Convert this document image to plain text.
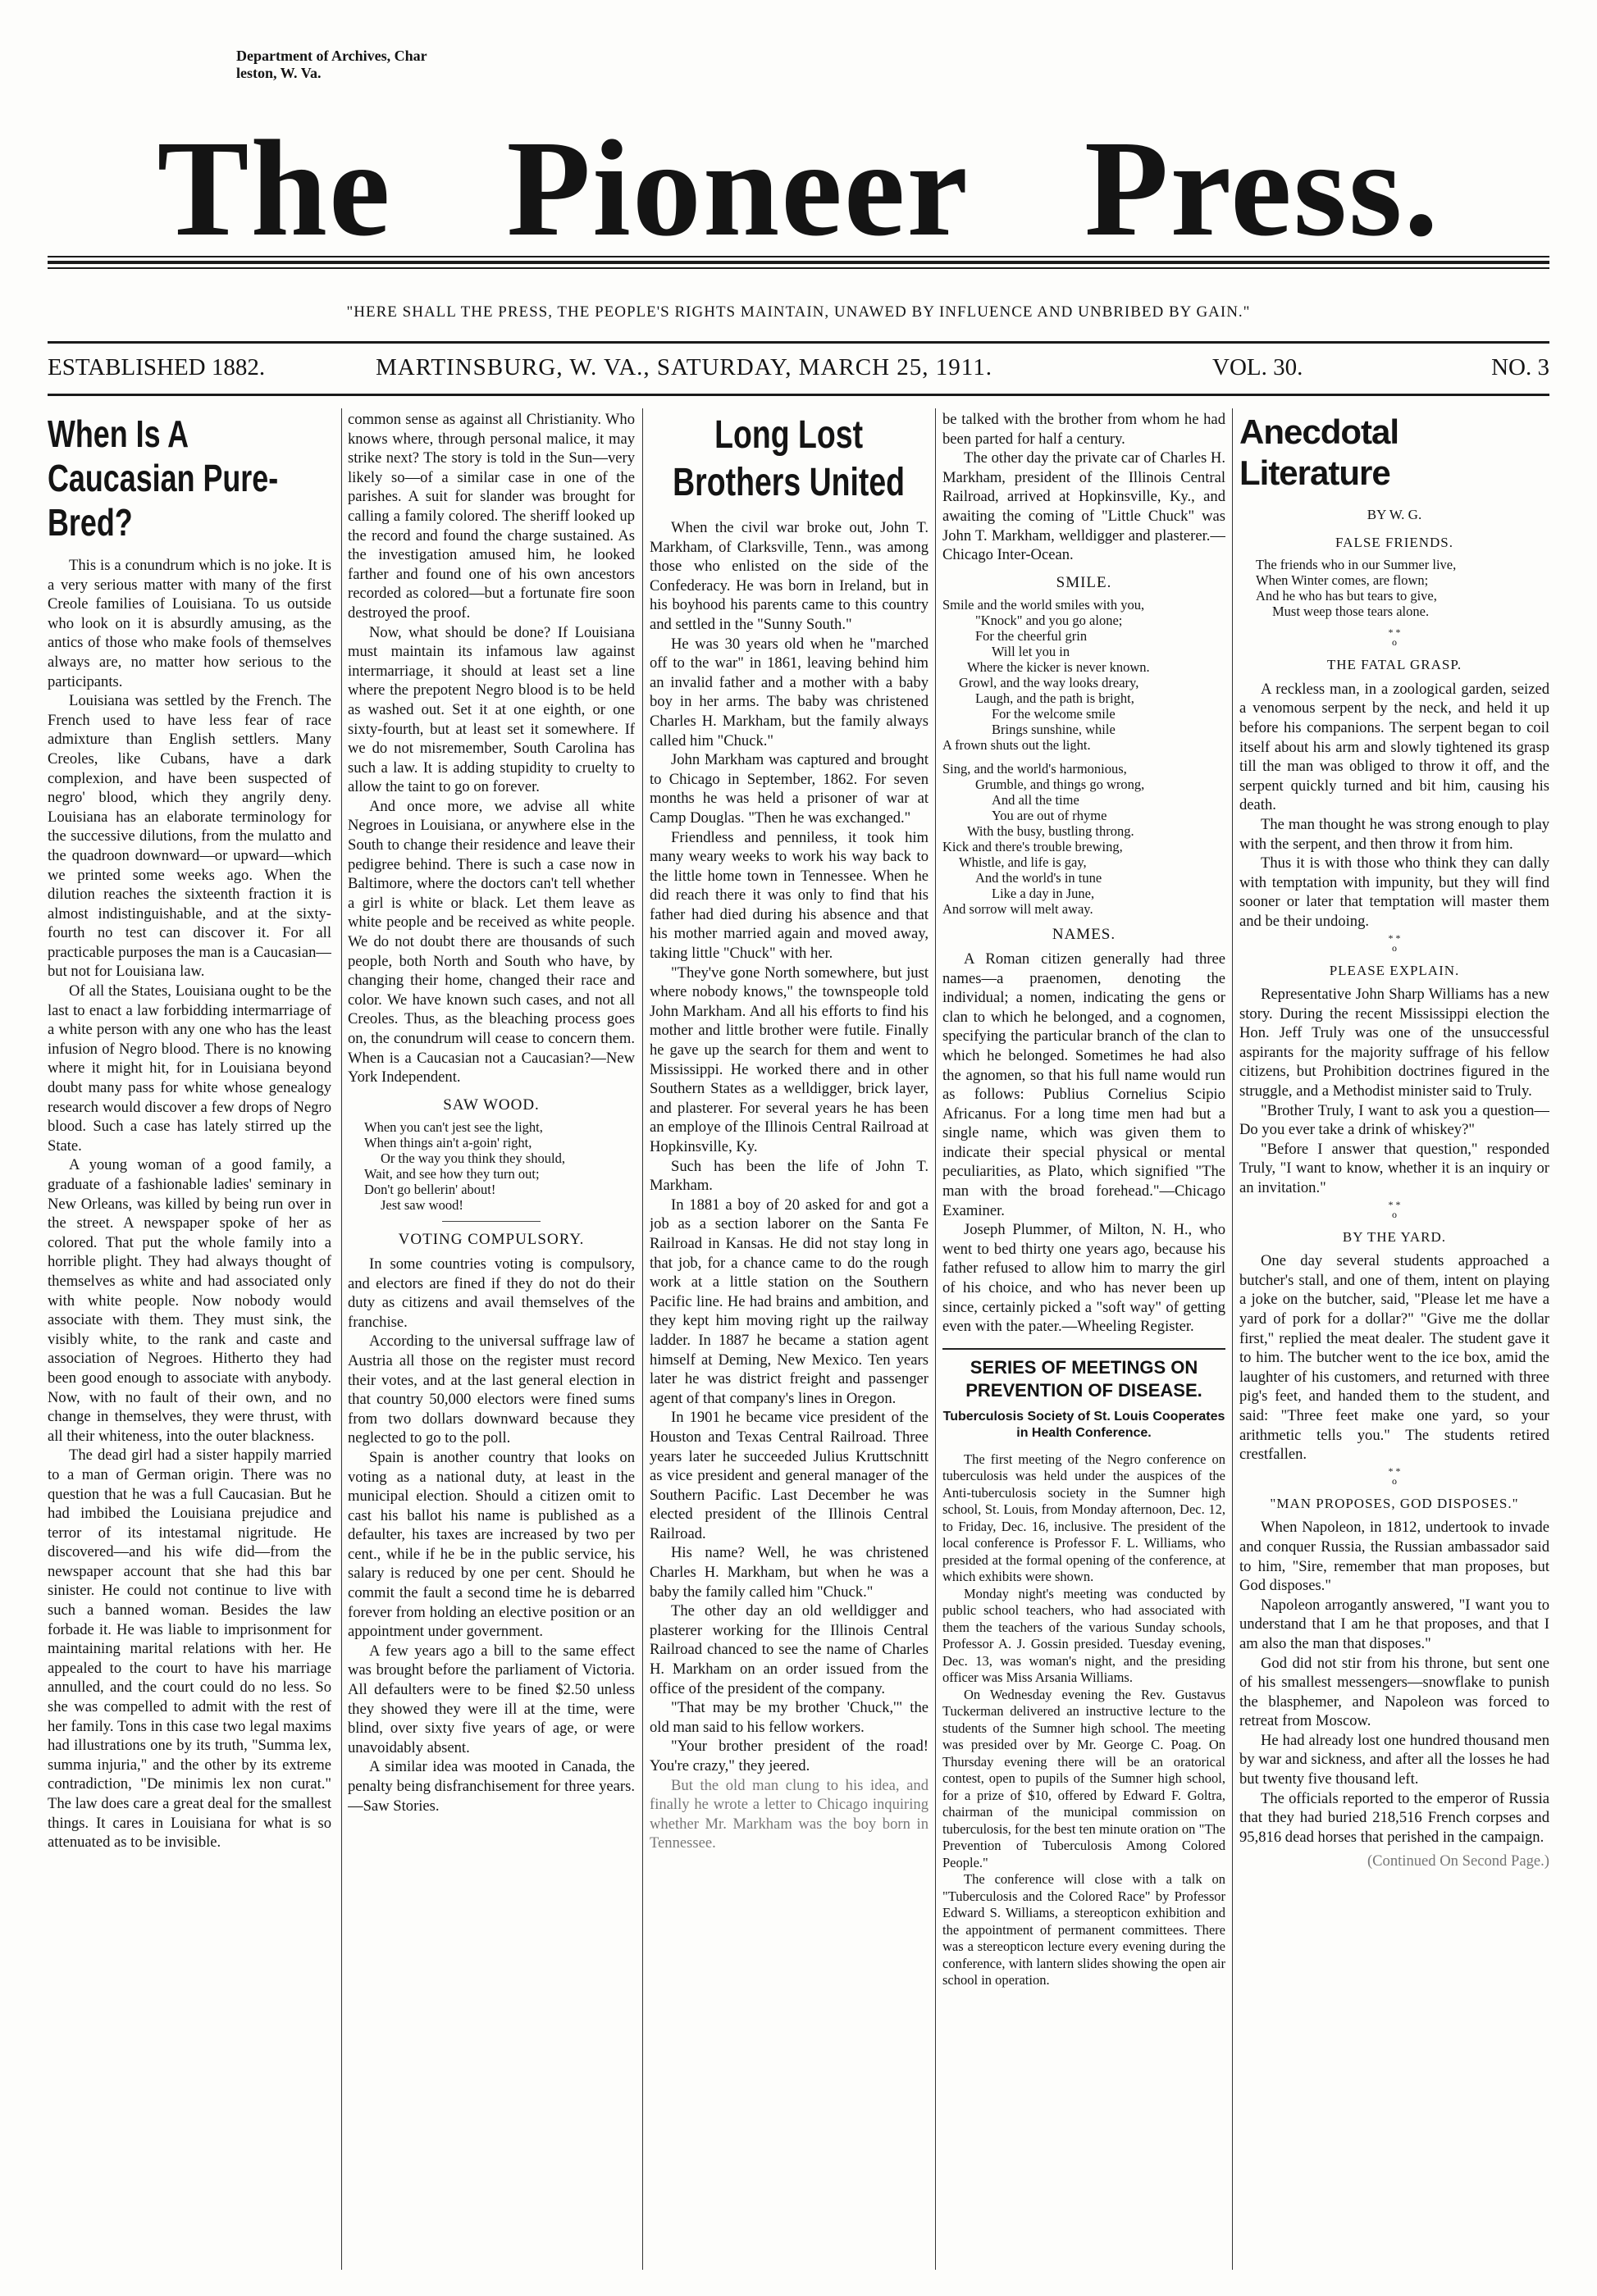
Department of Archives, Char
leston, W. Va.
The Pioneer Press.
"HERE SHALL THE PRESS, THE PEOPLE'S RIGHTS MAINTAIN, UNAWED BY INFLUENCE AND UNBRIBED BY GAIN."
ESTABLISHED 1882.	MARTINSBURG, W. VA., SATURDAY, MARCH 25, 1911.	VOL. 30.	NO. 3
When Is A Caucasian Pure-Bred?

This is a conundrum which is no joke. It is a very serious matter with many of the first Creole families of Louisiana. To us outside who look on it is absurdly amusing, as the antics of those who make fools of themselves always are, no matter how serious to the participants.

Louisiana was settled by the French. The French used to have less fear of race admixture than English settlers. Many Creoles, like Cubans, have a dark complexion, and have been suspected of negro' blood, which they angrily deny. Louisiana has an elaborate terminology for the successive dilutions, from the mulatto and the quadroon downward—or upward—which we printed some weeks ago. When the dilution reaches the sixteenth fraction it is almost indistinguishable, and at the sixty-fourth no test can discover it. For all practicable purposes the man is a Caucasian—but not for Louisiana law.

Of all the States, Louisiana ought to be the last to enact a law forbidding intermarriage of a white person with any one who has the least infusion of Negro blood. There is no knowing where it might hit, for in Louisiana beyond doubt many pass for white whose genealogy research would discover a few drops of Negro blood. Such a case has lately stirred up the State.

A young woman of a good family, a graduate of a fashionable ladies' seminary in New Orleans, was killed by being run over in the street. A newspaper spoke of her as colored. That put the whole family into a horrible plight. They had always thought of themselves as white and had associated only with white people. Now nobody would associate with them. They must sink, the visibly white, to the rank and caste and association of Negroes. Hitherto they had been good enough to associate with anybody. Now, with no fault of their own, and no change in themselves, they were thrust, with all their whiteness, into the outer blackness.

The dead girl had a sister happily married to a man of German origin. There was no question that he was a full Caucasian. But he had imbibed the Louisiana prejudice and terror of its intestamal nigritude. He discovered—and his wife did—from the newspaper account that she had this bar sinister. He could not continue to live with such a banned woman. Besides the law forbade it. He was liable to imprisonment for maintaining marital relations with her. He appealed to the court to have his marriage annulled, and the court could do no less. So she was compelled to admit with the rest of her family. Tons in this case two legal maxims had illustrations one by its truth, "Summa lex, summa injuria," and the other by its extreme contradiction, "De minimis lex non curat." The law does care a great deal for the smallest things. It cares in Louisiana for what is so attenuated as to be invisible.

common sense as against all Christianity. Who knows where, through personal malice, it may strike next? The story is told in the Sun—very likely so—of a similar case in one of the parishes. A suit for slander was brought for calling a family colored. The sheriff looked up the record and found the charge sustained. As the investigation amused him, he looked farther and found one of his own ancestors recorded as colored—but a fortunate fire soon destroyed the proof.

Now, what should be done? If Louisiana must maintain its infamous law against intermarriage, it should at least set a line where the prepotent Negro blood is to be held as washed out. Set it at one eighth, or one sixty-fourth, but at least set it somewhere. If we do not misremember, South Carolina has such a law. It is adding stupidity to cruelty to allow the taint to go on forever.

And once more, we advise all white Negroes in Louisiana, or anywhere else in the South to change their residence and leave their pedigree behind. There is such a case now in Baltimore, where the doctors can't tell whether a girl is white or black. Let them leave as white people and be received as white people. We do not doubt there are thousands of such people, both North and South who have, by changing their home, changed their race and color. We have known such cases, and not all Creoles. Thus, as the bleaching process goes on, the conundrum will cease to concern them. When is a Caucasian not a Caucasian?—New York Independent.

SAW WOOD.
When you can't jest see the light,
When things ain't a-goin' right,
Or the way you think they should,
Wait, and see how they turn out;
Don't go bellerin' about!
Jest saw wood!
VOTING COMPULSORY.

In some countries voting is compulsory, and electors are fined if they do not do their duty as citizens and avail themselves of the franchise.

According to the universal suffrage law of Austria all those on the register must record their votes, and at the last general election in that country 50,000 electors were fined sums from two dollars downward because they neglected to go to the poll.

Spain is another country that looks on voting as a national duty, at least in the municipal election. Should a citizen omit to cast his ballot his name is published as a defaulter, his taxes are increased by two per cent., while if he be in the public service, his salary is reduced by one per cent. Should he commit the fault a second time he is debarred forever from holding an elective position or an appointment under government.

A few years ago a bill to the same effect was brought before the parliament of Victoria. All defaulters were to be fined $2.50 unless they showed they were ill at the time, were blind, over sixty five years of age, or were unavoidably absent.

A similar idea was mooted in Canada, the penalty being disfranchisement for three years.—Saw Stories.

Long Lost Brothers United

When the civil war broke out, John T. Markham, of Clarksville, Tenn., was among those who enlisted on the side of the Confederacy. He was born in Ireland, but in his boyhood his parents came to this country and settled in the "Sunny South."

He was 30 years old when he "marched off to the war" in 1861, leaving behind him an invalid father and a mother with a baby boy in her arms. The baby was christened Charles H. Markham, but the family always called him "Chuck."

John Markham was captured and brought to Chicago in September, 1862. For seven months he was held a prisoner of war at Camp Douglas. "Then he was exchanged."

Friendless and penniless, it took him many weary weeks to work his way back to the little home town in Tennessee. When he did reach there it was only to find that his father had died during his absence and that his mother married again and moved away, taking little "Chuck" with her.

"They've gone North somewhere, but just where nobody knows," the townspeople told John Markham. And all his efforts to find his mother and little brother were futile. Finally he gave up the search for them and went to Mississippi. He worked there and in other Southern States as a welldigger, brick layer, and plasterer. For several years he has been an employe of the Illinois Central Railroad at Hopkinsville, Ky.

Such has been the life of John T. Markham.

In 1881 a boy of 20 asked for and got a job as a section laborer on the Santa Fe Railroad in Kansas. He did not stay long in that job, for a chance came to do the rough work at a little station on the Southern Pacific line. He had brains and ambition, and they kept him moving right up the railway ladder. In 1887 he became a station agent himself at Deming, New Mexico. Ten years later he was district freight and passenger agent of that company's lines in Oregon.

In 1901 he became vice president of the Houston and Texas Central Railroad. Three years later he succeeded Julius Kruttschnitt as vice president and general manager of the Southern Pacific. Last December he was elected president of the Illinois Central Railroad.

His name? Well, he was christened Charles H. Markham, but when he was a baby the family called him "Chuck."

The other day an old welldigger and plasterer working for the Illinois Central Railroad chanced to see the name of Charles H. Markham on an order issued from the office of the president of the company.

"That may be my brother 'Chuck,'" the old man said to his fellow workers.

"Your brother president of the road! You're crazy," they jeered.

But the old man clung to his idea, and finally he wrote a letter to Chicago inquiring whether Mr. Markham was the boy born in Tennessee.

be talked with the brother from whom he had been parted for half a century.

The other day the private car of Charles H. Markham, president of the Illinois Central Railroad, arrived at Hopkinsville, Ky., and awaiting the coming of "Little Chuck" was John T. Markham, welldigger and plasterer.—Chicago Inter-Ocean.

SMILE.
Smile and the world smiles with you,
"Knock" and you go alone;
For the cheerful grin
Will let you in
Where the kicker is never known.
Growl, and the way looks dreary,
Laugh, and the path is bright,
For the welcome smile
Brings sunshine, while
A frown shuts out the light.
Sing, and the world's harmonious,
Grumble, and things go wrong,
And all the time
You are out of rhyme
With the busy, bustling throng.
Kick and there's trouble brewing,
Whistle, and life is gay,
And the world's in tune
Like a day in June,
And sorrow will melt away.
NAMES.

A Roman citizen generally had three names—a praenomen, denoting the individual; a nomen, indicating the gens or clan to which he belonged, and a cognomen, specifying the particular branch of the clan to which he belonged. Sometimes he had also the agnomen, so that his full name would run as follows: Publius Cornelius Scipio Africanus. For a long time men had but a single name, which was given them to indicate their special physical or mental peculiarities, as Plato, which signified "The man with the broad forehead."—Chicago Examiner.

Joseph Plummer, of Milton, N. H., who went to bed thirty one years ago, because his father refused to allow him to marry the girl of his choice, and who has never been up since, certainly picked a "soft way" of getting even with the pater.—Wheeling Register.

SERIES OF MEETINGS ON PREVENTION OF DISEASE.
Tuberculosis Society of St. Louis Cooperates in Health Conference.

The first meeting of the Negro conference on tuberculosis was held under the auspices of the Anti-tuberculosis society in the Sumner high school, St. Louis, from Monday afternoon, Dec. 12, to Friday, Dec. 16, inclusive. The president of the local conference is Professor F. L. Williams, who presided at the formal opening of the conference, at which exhibits were shown.

Monday night's meeting was conducted by public school teachers, who had associated with them the teachers of the various Sunday schools, Professor A. J. Gossin presided. Tuesday evening, Dec. 13, was woman's night, and the presiding officer was Miss Arsania Williams.

On Wednesday evening the Rev. Gustavus Tuckerman delivered an instructive lecture to the students of the Sumner high school. The meeting was presided over by Mr. George C. Poag. On Thursday evening there will be an oratorical contest, open to pupils of the Sumner high school, for a prize of $10, offered by Edward F. Goltra, chairman of the municipal commission on tuberculosis, for the best ten minute oration on "The Prevention of Tuberculosis Among Colored People."

The conference will close with a talk on "Tuberculosis and the Colored Race" by Professor Edward S. Williams, a stereopticon exhibition and the appointment of permanent committees. There was a stereopticon lecture every evening during the conference, with lantern slides showing the open air school in operation.

Anecdotal Literature
BY W. G.
FALSE FRIENDS.
The friends who in our Summer live,
When Winter comes, are flown;
And he who has but tears to give,
Must weep those tears alone.
* *
o
THE FATAL GRASP.

A reckless man, in a zoological garden, seized a venomous serpent by the neck, and held it up before his companions. The serpent began to coil itself about his arm and slowly tightened its grasp till the man was obliged to throw it off, and the serpent quickly turned and bit him, causing his death.

The man thought he was strong enough to play with the serpent, and then throw it from him.

Thus it is with those who think they can dally with temptation with impunity, but they will find sooner or later that temptation will master them and be their undoing.

* *
o
PLEASE EXPLAIN.

Representative John Sharp Williams has a new story. During the recent Mississippi election the Hon. Jeff Truly was one of the unsuccessful aspirants for the majority suffrage of his fellow citizens, but Prohibition doctrines figured in the struggle, and a Methodist minister said to Truly.

"Brother Truly, I want to ask you a question—Do you ever take a drink of whiskey?"

"Before I answer that question," responded Truly, "I want to know, whether it is an inquiry or an invitation."

* *
o
BY THE YARD.

One day several students approached a butcher's stall, and one of them, intent on playing a joke on the butcher, said, "Please let me have a yard of pork for a dollar?" "Give me the dollar first," replied the meat dealer. The student gave it to him. The butcher went to the ice box, amid the laughter of his customers, and returned with three pig's feet, and handed them to the student, and said: "Three feet make one yard, so your arithmetic tells you." The students retired crestfallen.

* *
o
"MAN PROPOSES, GOD DISPOSES."

When Napoleon, in 1812, undertook to invade and conquer Russia, the Russian ambassador said to him, "Sire, remember that man proposes, but God disposes."

Napoleon arrogantly answered, "I want you to understand that I am he that proposes, and that I am also the man that disposes."

God did not stir from his throne, but sent one of his smallest messengers—snowflake to punish the blasphemer, and Napoleon was forced to retreat from Moscow.

He had already lost one hundred thousand men by war and sickness, and after all the losses he had but twenty five thousand left.

The officials reported to the emperor of Russia that they had buried 218,516 French corpses and 95,816 dead horses that perished in the campaign.

(Continued On Second Page.)
